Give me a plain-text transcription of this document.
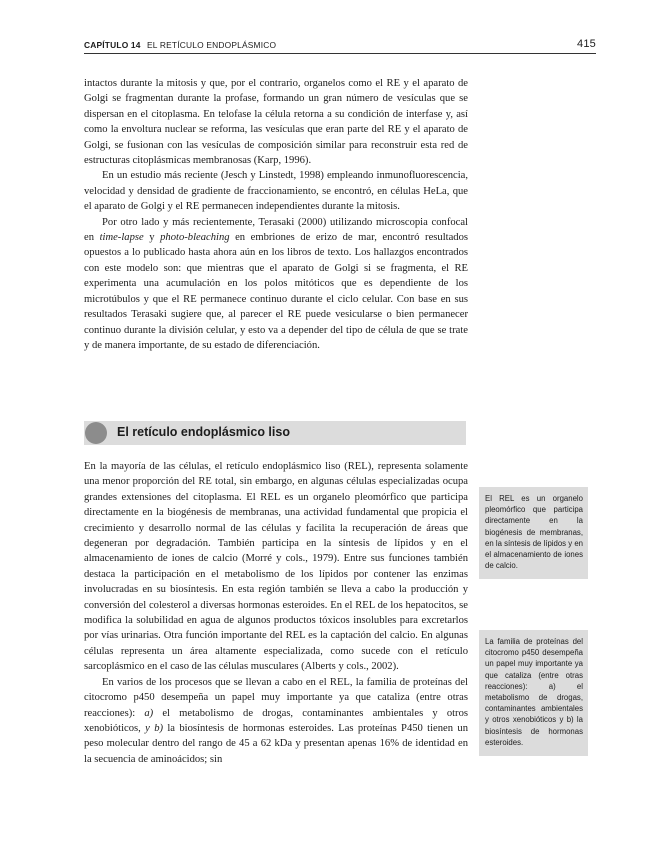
CAPÍTULO 14 EL RETÍCULO ENDOPLÁSMICO	415

intactos durante la mitosis y que, por el contrario, organelos como el RE y el aparato de Golgi se fragmentan durante la profase, formando un gran número de vesículas que se dispersan en el citoplasma. En telofase la célula retorna a su condición de interfase y, así como la envoltura nuclear se reforma, las vesículas que eran parte del RE y el aparato de Golgi, se fusionan con las vesículas de composición similar para reconstruir esta red de estructuras citoplásmicas membranosas (Karp, 1996).

En un estudio más reciente (Jesch y Linstedt, 1998) empleando inmunofluorescencia, velocidad y densidad de gradiente de fraccionamiento, se encontró, en células HeLa, que el aparato de Golgi y el RE permanecen independientes durante la mitosis.

Por otro lado y más recientemente, Terasaki (2000) utilizando microscopia confocal en time-lapse y photo-bleaching en embriones de erizo de mar, encontró resultados opuestos a lo publicado hasta ahora aún en los libros de texto. Los hallazgos encontrados con este modelo son: que mientras que el aparato de Golgi si se fragmenta, el RE experimenta una acumulación en los polos mitóticos que es dependiente de los microtúbulos y que el RE permanece continuo durante el ciclo celular. Con base en sus resultados Terasaki sugiere que, al parecer el RE puede vesicularse o bien permanecer continuo durante la división celular, y esto va a depender del tipo de célula de que se trate y de manera importante, de su estado de diferenciación.

El retículo endoplásmico liso

En la mayoría de las células, el retículo endoplásmico liso (REL), representa solamente una menor proporción del RE total, sin embargo, en algunas células especializadas ocupa grandes extensiones del citoplasma. El REL es un organelo pleomórfico que participa directamente en la biogénesis de membranas, una actividad fundamental que propicia el crecimiento y desarrollo normal de las células y facilita la recuperación de áreas que degeneran por degradación. También participa en la síntesis de lípidos y en el almacenamiento de iones de calcio (Morré y cols., 1979). Entre sus funciones también destaca la participación en el metabolismo de los lípidos por contener las enzimas involucradas en su biosíntesis. En esta región también se lleva a cabo la producción y conversión del colesterol a diversas hormonas esteroides. En el REL de los hepatocitos, se modifica la solubilidad en agua de algunos productos tóxicos insolubles para excretarlos por vías urinarias. Otra función importante del REL es la captación del calcio. En algunas células representa un área altamente especializada, como sucede con el retículo sarcoplásmico en el caso de las células musculares (Alberts y cols., 2002).

En varios de los procesos que se llevan a cabo en el REL, la familia de proteínas del citocromo p450 desempeña un papel muy importante ya que cataliza (entre otras reacciones): a) el metabolismo de drogas, contaminantes ambientales y otros xenobióticos, y b) la biosíntesis de hormonas esteroides. Las proteínas P450 tienen un peso molecular dentro del rango de 45 a 62 kDa y presentan apenas 16% de identidad en la secuencia de aminoácidos; sin

El REL es un organelo pleomórfico que participa directamente en la biogénesis de membranas, en la síntesis de lípidos y en el almacenamiento de iones de calcio.
La familia de proteínas del citocromo p450 desempeña un papel muy importante ya que cataliza (entre otras reacciones): a) el metabolismo de drogas, contaminantes ambientales y otros xenobióticos y b) la biosíntesis de hormonas esteroides.
